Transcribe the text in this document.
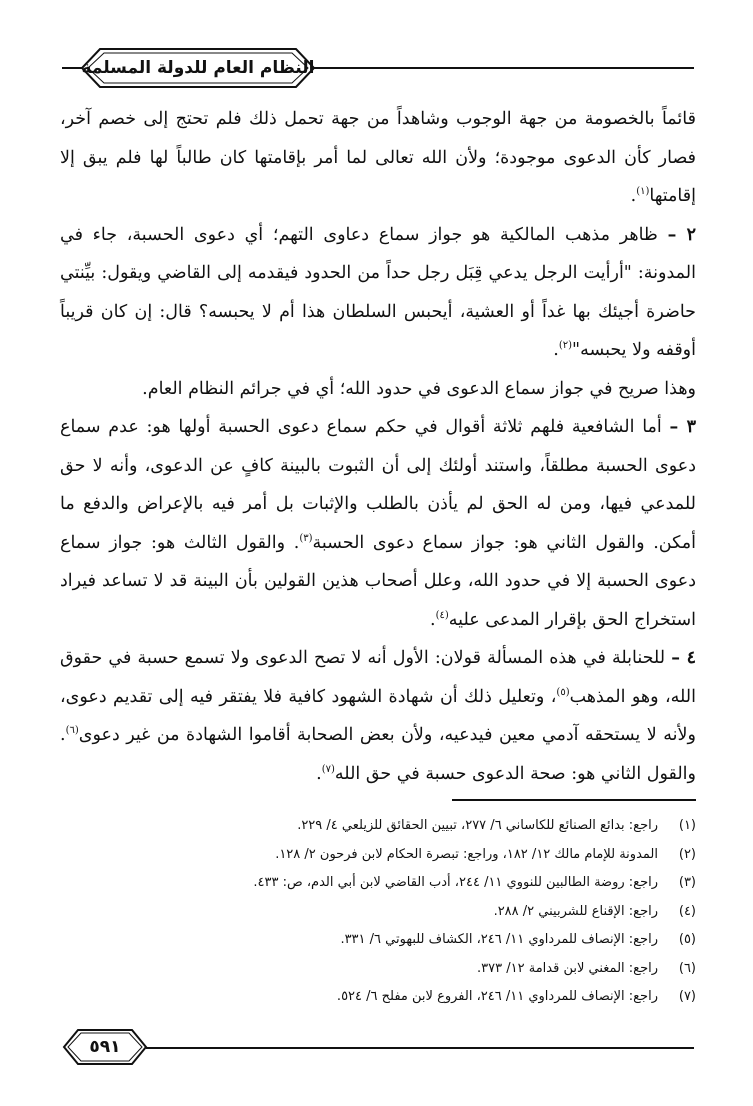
النظام العام للدولة المسلمة

قائماً بالخصومة من جهة الوجوب وشاهداً من جهة تحمل ذلك فلم تحتج إلى خصم آخر، فصار كأن الدعوى موجودة؛ ولأن الله تعالى لما أمر بإقامتها كان طالباً لها فلم يبق إلا إقامتها$^{(١)}$.

٢ – ظاهر مذهب المالكية هو جواز سماع دعاوى التهم؛ أي دعوى الحسبة، جاء في المدونة: "أرأيت الرجل يدعي قِبَل رجل حداً من الحدود فيقدمه إلى القاضي ويقول: بيِّنتي حاضرة أجيئك بها غداً أو العشية، أيحبس السلطان هذا أم لا يحبسه؟ قال: إن كان قريباً أوقفه ولا يحبسه"$^{(٢)}$.

وهذا صريح في جواز سماع الدعوى في حدود الله؛ أي في جرائم النظام العام.

٣ – أما الشافعية فلهم ثلاثة أقوال في حكم سماع دعوى الحسبة أولها هو: عدم سماع دعوى الحسبة مطلقاً، واستند أولئك إلى أن الثبوت بالبينة كافٍ عن الدعوى، وأنه لا حق للمدعي فيها، ومن له الحق لم يأذن بالطلب والإثبات بل أمر فيه بالإعراض والدفع ما أمكن. والقول الثاني هو: جواز سماع دعوى الحسبة$^{(٣)}$. والقول الثالث هو: جواز سماع دعوى الحسبة إلا في حدود الله، وعلل أصحاب هذين القولين بأن البينة قد لا تساعد فيراد استخراج الحق بإقرار المدعى عليه$^{(٤)}$.

٤ – للحنابلة في هذه المسألة قولان: الأول أنه لا تصح الدعوى ولا تسمع حسبة في حقوق الله، وهو المذهب$^{(٥)}$، وتعليل ذلك أن شهادة الشهود كافية فلا يفتقر فيه إلى تقديم دعوى، ولأنه لا يستحقه آدمي معين فيدعيه، ولأن بعض الصحابة أقاموا الشهادة من غير دعوى$^{(٦)}$. والقول الثاني هو: صحة الدعوى حسبة في حق الله$^{(٧)}$.

(١)
راجع: بدائع الصنائع للكاساني ٦/ ٢٧٧، تبيين الحقائق للزيلعي ٤/ ٢٢٩.
(٢)
المدونة للإمام مالك ١٢/ ١٨٢، وراجع: تبصرة الحكام لابن فرحون ٢/ ١٢٨.
(٣)
راجع: روضة الطالبين للنووي ١١/ ٢٤٤، أدب القاضي لابن أبي الدم، ص: ٤٣٣.
(٤)
راجع: الإقناع للشربيني ٢/ ٢٨٨.
(٥)
راجع: الإنصاف للمرداوي ١١/ ٢٤٦، الكشاف للبهوتي ٦/ ٣٣١.
(٦)
راجع: المغني لابن قدامة ١٢/ ٣٧٣.
(٧)
راجع: الإنصاف للمرداوي ١١/ ٢٤٦، الفروع لابن مفلح ٦/ ٥٢٤.
٥٩١
